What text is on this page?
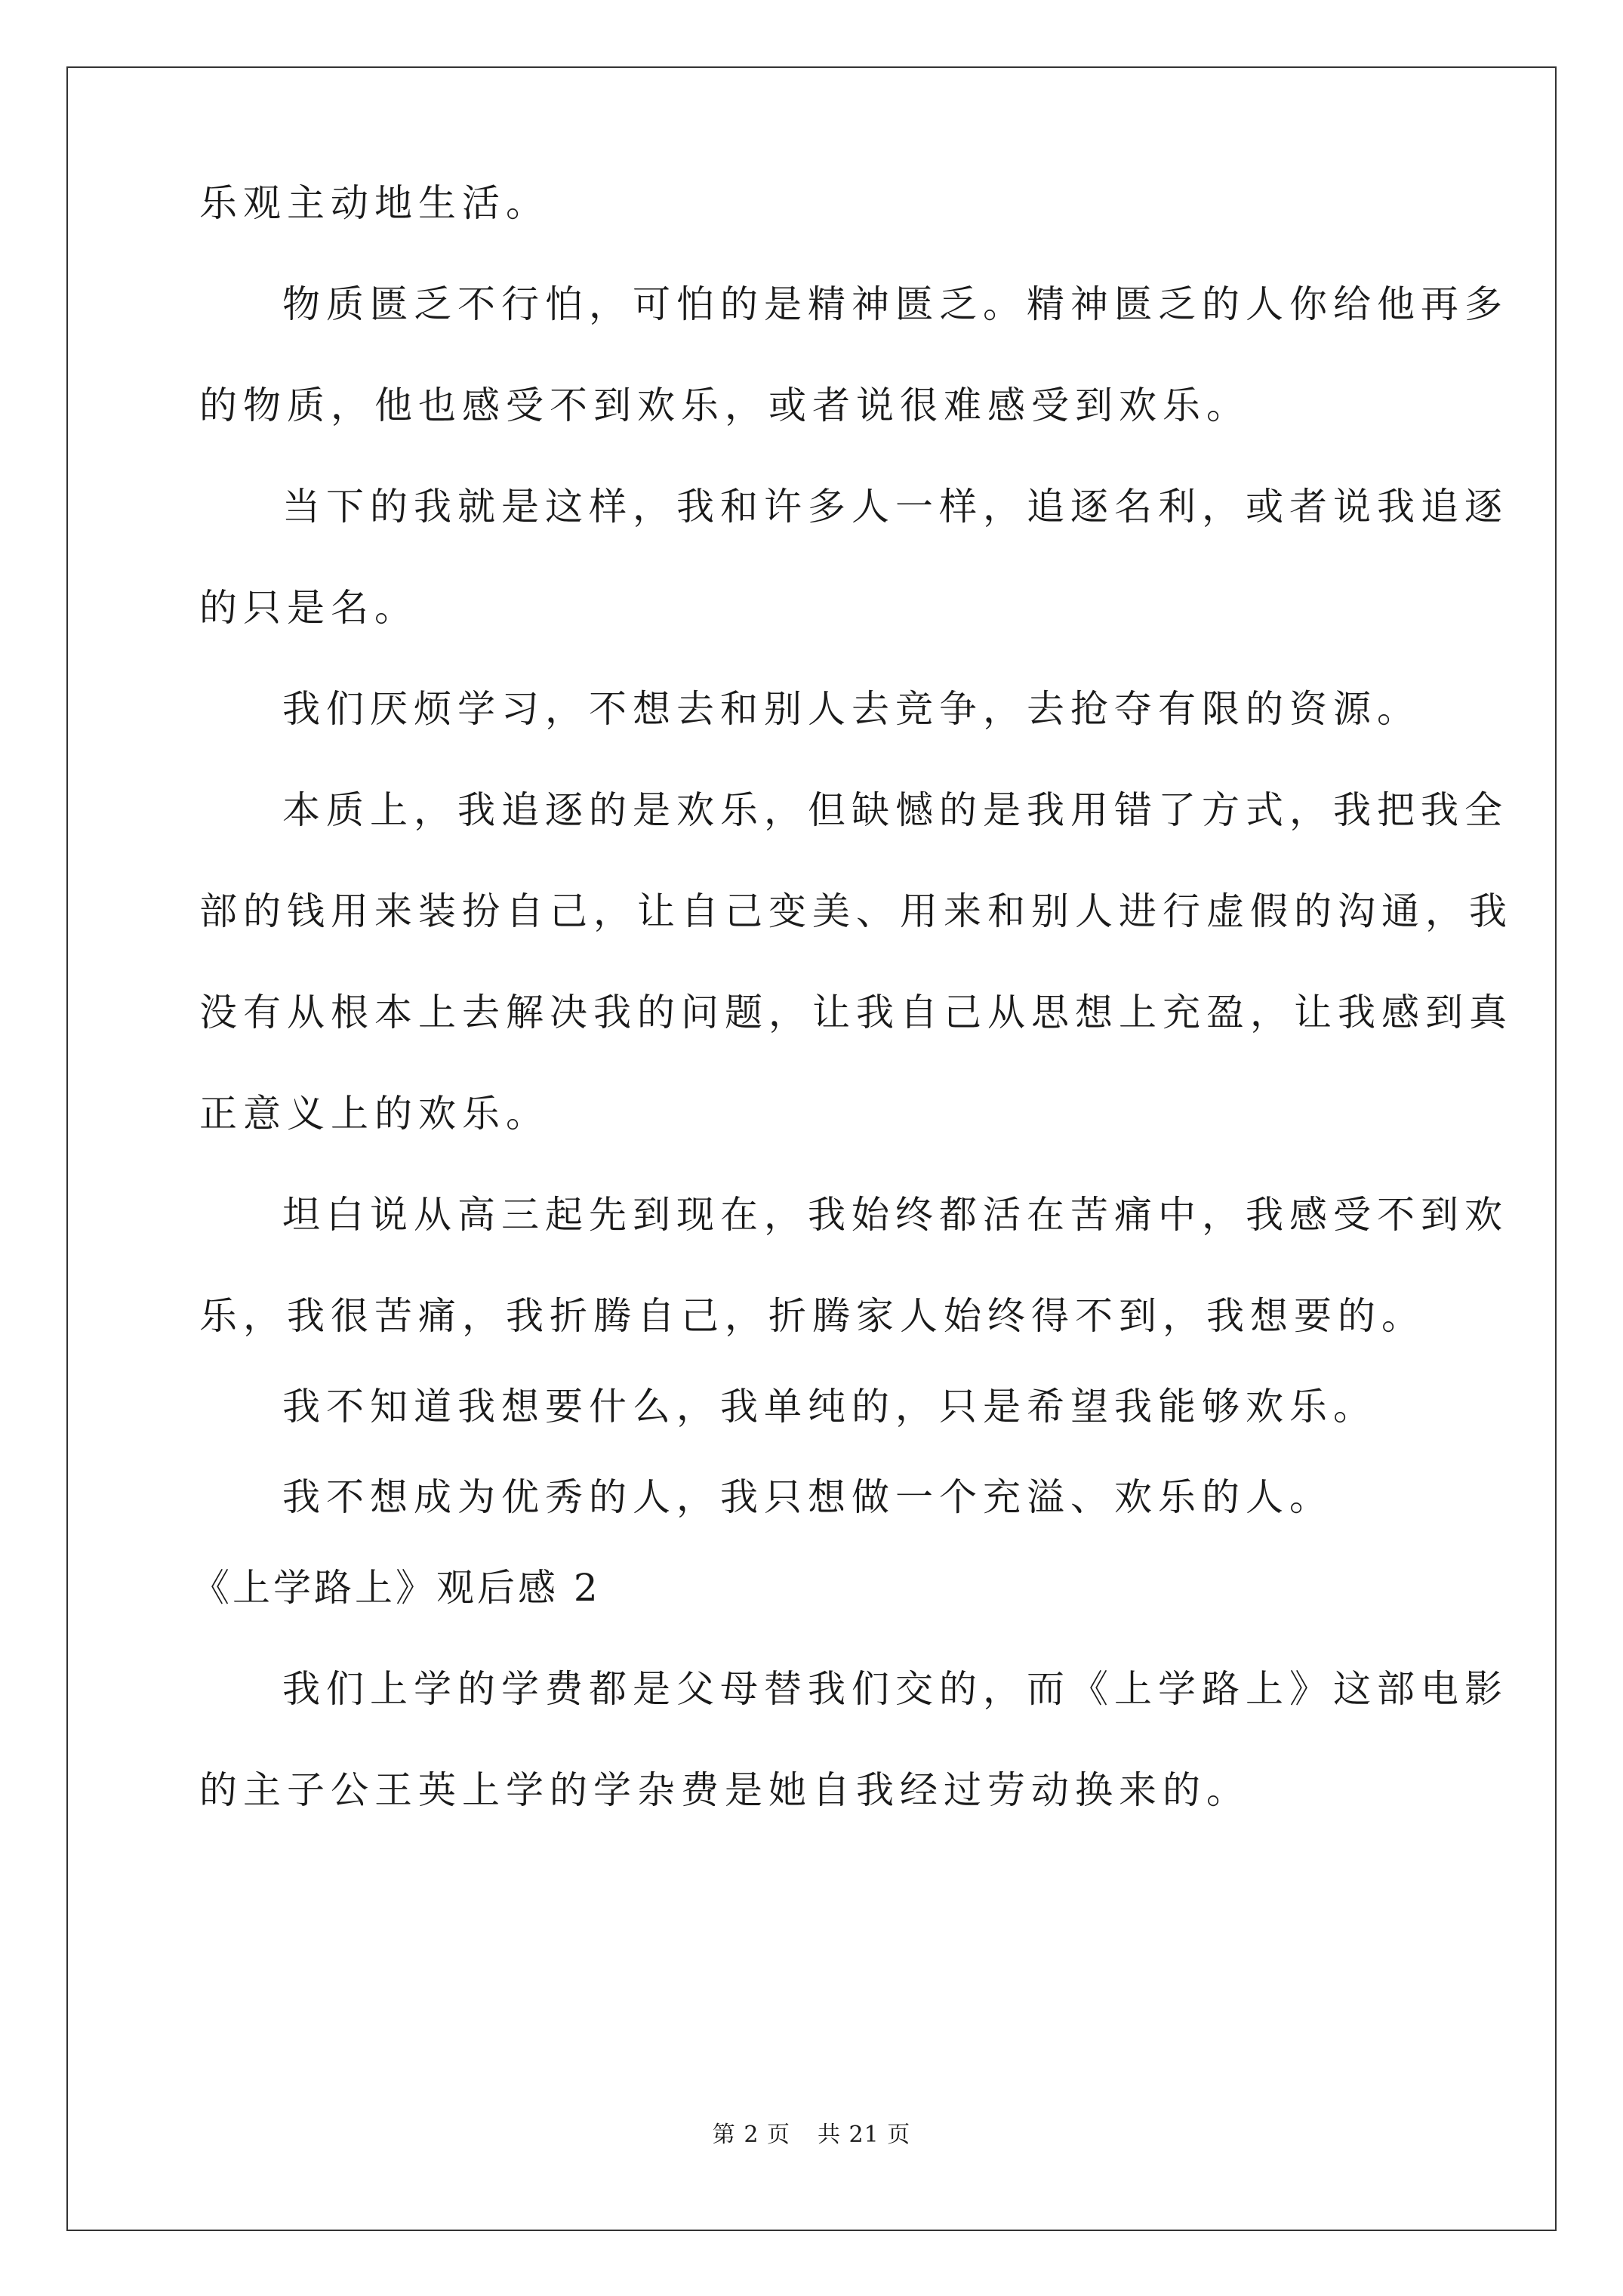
乐观主动地生活。
物质匮乏不行怕，可怕的是精神匮乏。精神匮乏的人你给他再多
的物质，他也感受不到欢乐，或者说很难感受到欢乐。
当下的我就是这样，我和许多人一样，追逐名利，或者说我追逐
的只是名。
我们厌烦学习，不想去和别人去竞争，去抢夺有限的资源。
本质上，我追逐的是欢乐，但缺憾的是我用错了方式，我把我全
部的钱用来装扮自己，让自己变美、用来和别人进行虚假的沟通，我
没有从根本上去解决我的问题，让我自己从思想上充盈，让我感到真
正意义上的欢乐。
坦白说从高三起先到现在，我始终都活在苦痛中，我感受不到欢
乐，我很苦痛，我折腾自己，折腾家人始终得不到，我想要的。
我不知道我想要什么，我单纯的，只是希望我能够欢乐。
我不想成为优秀的人，我只想做一个充溢、欢乐的人。
《上学路上》观后感 2
我们上学的学费都是父母替我们交的，而《上学路上》这部电影
的主子公王英上学的学杂费是她自我经过劳动换来的。
第 2 页 共 21 页
